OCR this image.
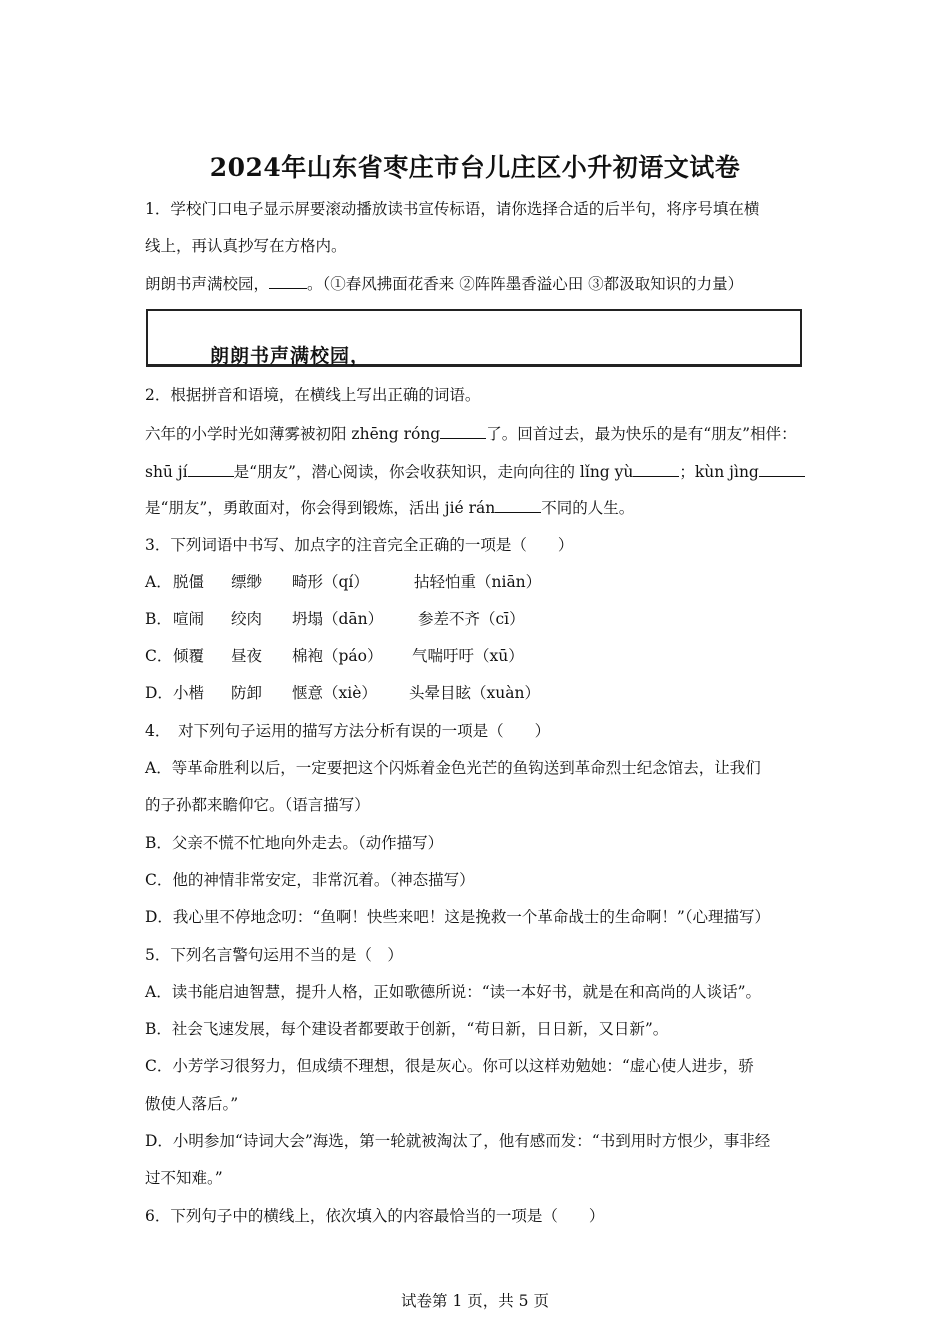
2024年山东省枣庄市台儿庄区小升初语文试卷
1．学校门口电子显示屏要滚动播放读书宣传标语，请你选择合适的后半句，将序号填在横
线上，再认真抄写在方格内。
朗朗书声满校园， 。（①春风拂面花香来 ②阵阵墨香溢心田 ③都汲取知识的力量）
朗朗书声满校园，
2．根据拼音和语境，在横线上写出正确的词语。
六年的小学时光如薄雾被初阳 zhēng róng	了。回首过去，最为快乐的是有“朋友”相伴：
shū jí	是“朋友”，潜心阅读，你会收获知识，走向向往的 lǐng yù	；kùn jìng
是“朋友”，勇敢面对，你会得到锻炼，活出 jié rán	不同的人生。
3．下列词语中书写、加点字的注音完全正确的一项是（　　）
A． 脱僵 缥缈 畸形（qí）	拈轻怕重（niān）
B． 喧闹 绞肉 坍塌（dān） 参差不齐（cī）
C． 倾覆 昼夜 棉袍（páo） 气喘吁吁（xū）
D． 小楷 防卸 惬意（xiè） 头晕目眩（xuàn）
4．　对下列句子运用的描写方法分析有误的一项是（　　）
A．等革命胜利以后，一定要把这个闪烁着金色光芒的鱼钩送到革命烈士纪念馆去，让我们
的子孙都来瞻仰它。（语言描写）
B．父亲不慌不忙地向外走去。（动作描写）
C．他的神情非常安定，非常沉着。（神态描写）
D．我心里不停地念叨：“鱼啊！快些来吧！这是挽救一个革命战士的生命啊！”（心理描写）
5．下列名言警句运用不当的是（　）
A．读书能启迪智慧，提升人格，正如歌德所说：“读一本好书，就是在和高尚的人谈话”。
B．社会飞速发展，每个建设者都要敢于创新，“苟日新，日日新，又日新”。
C．小芳学习很努力，但成绩不理想，很是灰心。你可以这样劝勉她：“虚心使人进步，骄
傲使人落后。”
D．小明参加“诗词大会”海选，第一轮就被淘汰了，他有感而发：“书到用时方恨少，事非经
过不知难。”
6．下列句子中的横线上，依次填入的内容最恰当的一项是（　　）
试卷第 1 页，共 5 页
